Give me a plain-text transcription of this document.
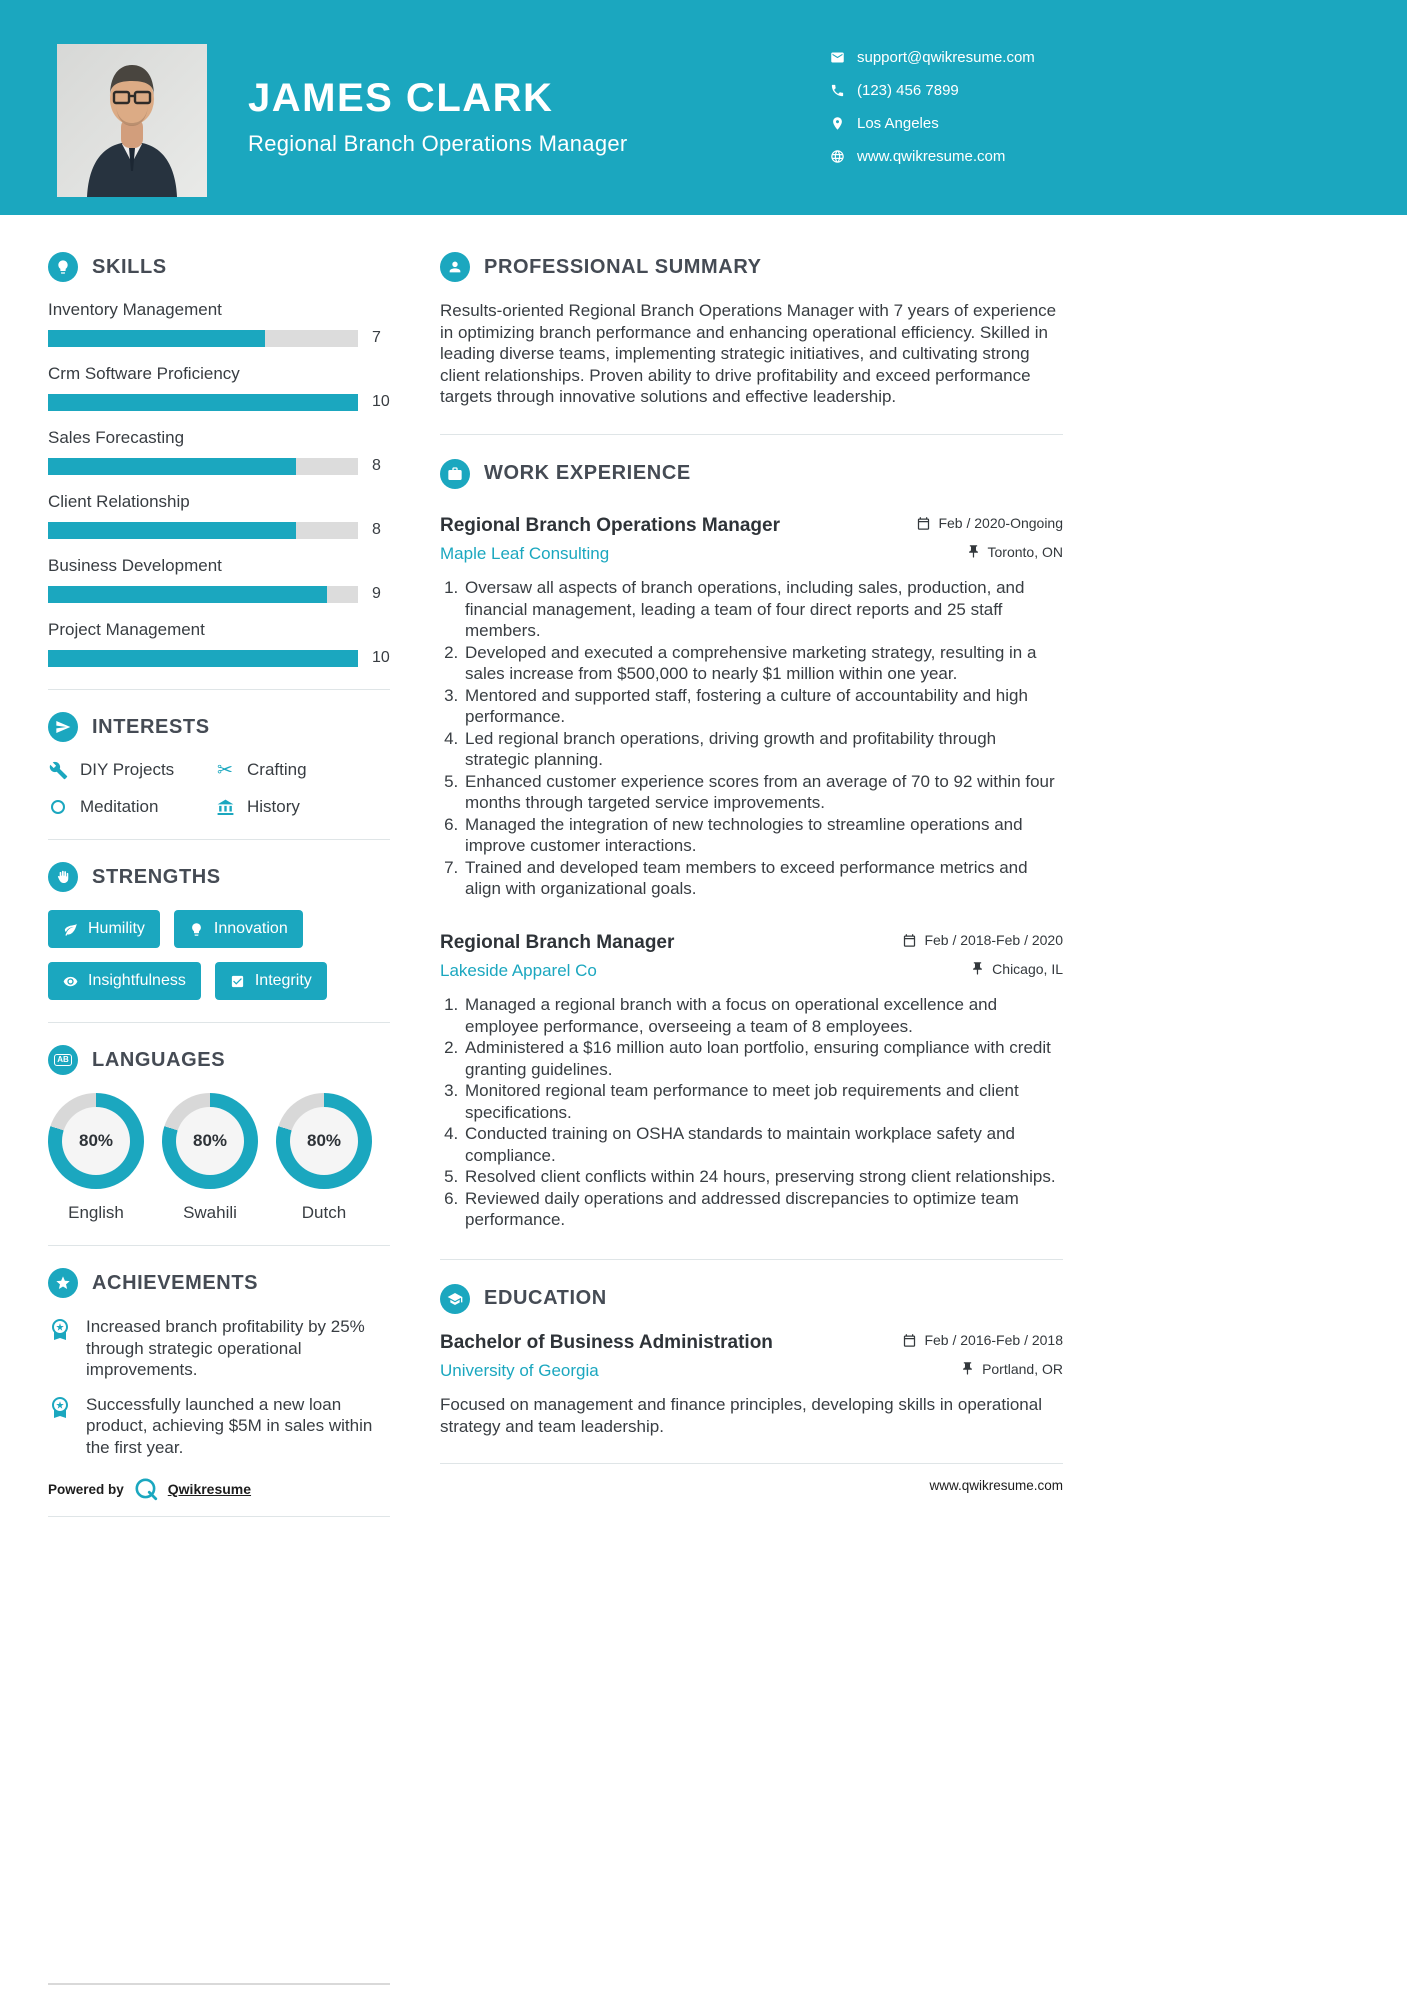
JAMES CLARK
Regional Branch Operations Manager
support@qwikresume.com
(123) 456 7899
Los Angeles
www.qwikresume.com
SKILLS
Inventory Management
7
Crm Software Proficiency
10
Sales Forecasting
8
Client Relationship
8
Business Development
9
Project Management
10
INTERESTS
DIY Projects ✂ Crafting
Meditation	History
STRENGTHS
Humility	Innovation
Insightfulness	Integrity
AB LANGUAGES
80%
English
80%
Swahili
80%
Dutch
ACHIEVEMENTS
Increased branch profitability by 25% through strategic operational improvements.
Successfully launched a new loan product, achieving $5M in sales within the first year.
Powered by	Qwikresume
PROFESSIONAL SUMMARY

Results-oriented Regional Branch Operations Manager with 7 years of experience in optimizing branch performance and enhancing operational efficiency. Skilled in leading diverse teams, implementing strategic initiatives, and cultivating strong client relationships. Proven ability to drive profitability and exceed performance targets through innovative solutions and effective leadership.

WORK EXPERIENCE
Regional Branch Operations Manager	Feb / 2020-Ongoing
Maple Leaf Consulting	Toronto, ON
1. Oversaw all aspects of branch operations, including sales, production, and financial management, leading a team of four direct reports and 25 staff members.
2. Developed and executed a comprehensive marketing strategy, resulting in a sales increase from $500,000 to nearly $1 million within one year.
3. Mentored and supported staff, fostering a culture of accountability and high performance.
4. Led regional branch operations, driving growth and profitability through strategic planning.
5. Enhanced customer experience scores from an average of 70 to 92 within four months through targeted service improvements.
6. Managed the integration of new technologies to streamline operations and improve customer interactions.
7. Trained and developed team members to exceed performance metrics and align with organizational goals.
Regional Branch Manager	Feb / 2018-Feb / 2020
Lakeside Apparel Co	Chicago, IL
1. Managed a regional branch with a focus on operational excellence and employee performance, overseeing a team of 8 employees.
2. Administered a $16 million auto loan portfolio, ensuring compliance with credit granting guidelines.
3. Monitored regional team performance to meet job requirements and client specifications.
4. Conducted training on OSHA standards to maintain workplace safety and compliance.
5. Resolved client conflicts within 24 hours, preserving strong client relationships.
6. Reviewed daily operations and addressed discrepancies to optimize team performance.
EDUCATION
Bachelor of Business Administration	Feb / 2016-Feb / 2018
University of Georgia	Portland, OR

Focused on management and finance principles, developing skills in operational strategy and team leadership.

www.qwikresume.com
